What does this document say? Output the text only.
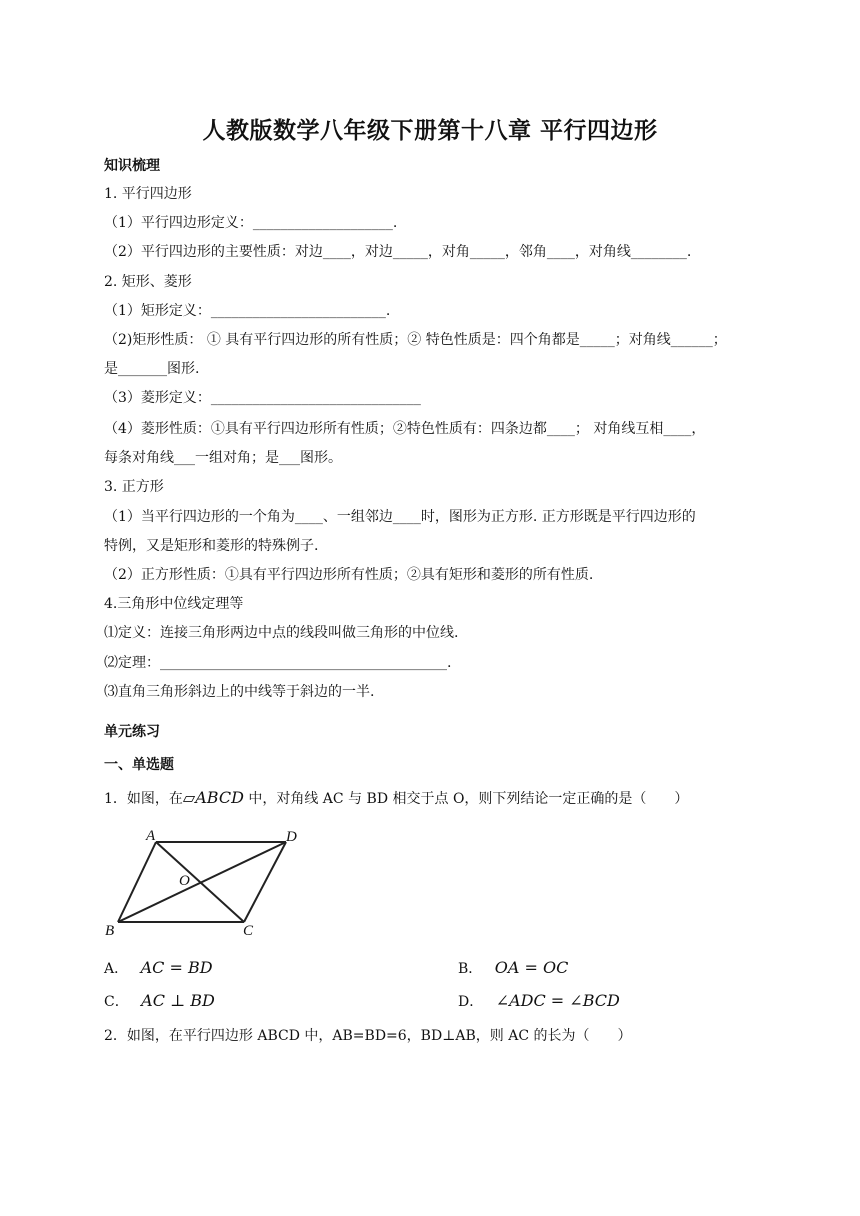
人教版数学八年级下册第十八章 平行四边形
知识梳理
1. 平行四边形
（1）平行四边形定义：____________________.
（2）平行四边形的主要性质：对边____，对边_____，对角_____，邻角____，对角线________.
2. 矩形、菱形
（1）矩形定义：_________________________.
（2)矩形性质： ① 具有平行四边形的所有性质；② 特色性质是：四个角都是_____；对角线______；
是_______图形.
（3）菱形定义：______________________________
（4）菱形性质：①具有平行四边形所有性质；②特色性质有：四条边都____； 对角线互相____，
每条对角线___一组对角；是___图形。
3. 正方形
（1）当平行四边形的一个角为____、一组邻边____时，图形为正方形. 正方形既是平行四边形的
特例，又是矩形和菱形的特殊例子.
（2）正方形性质：①具有平行四边形所有性质；②具有矩形和菱形的所有性质.
4.三角形中位线定理等
⑴定义：连接三角形两边中点的线段叫做三角形的中位线.
⑵定理：_________________________________________.
⑶直角三角形斜边上的中线等于斜边的一半.
单元练习
一、单选题
1．如图，在▱ABCD 中，对角线 AC 与 BD 相交于点 O，则下列结论一定正确的是（　　）
A	D
B	C
O
A． AC = BD	B． OA = OC
C． AC ⊥ BD	D． ∠ADC = ∠BCD
2．如图，在平行四边形 ABCD 中，AB=BD=6，BD⊥AB，则 AC 的长为（　　）
